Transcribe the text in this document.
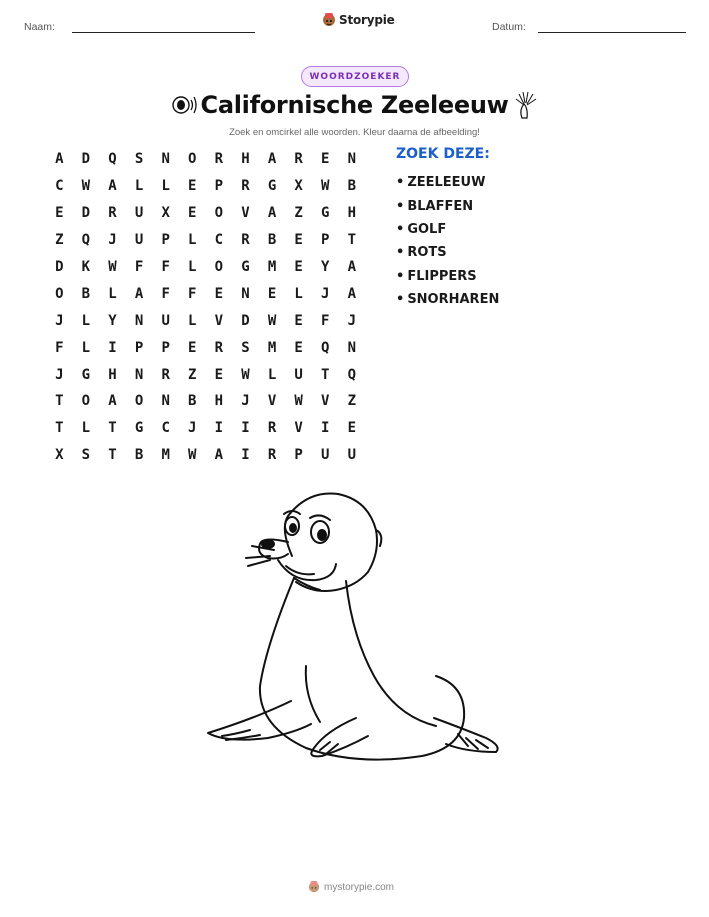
Naam:	Storypie	Datum:
WOORDZOEKER
Californische Zeeleeuw
Zoek en omcirkel alle woorden. Kleur daarna de afbeelding!
A	D	Q	S	N	O	R	H	A	R	E	N
C	W	A	L	L	E	P	R	G	X	W	B
E	D	R	U	X	E	O	V	A	Z	G	H
Z	Q	J	U	P	L	C	R	B	E	P	T
D	K	W	F	F	L	O	G	M	E	Y	A
O	B	L	A	F	F	E	N	E	L	J	A
J	L	Y	N	U	L	V	D	W	E	F	J
F	L	I	P	P	E	R	S	M	E	Q	N
J	G	H	N	R	Z	E	W	L	U	T	Q
T	O	A	O	N	B	H	J	V	W	V	Z
T	L	T	G	C	J	I	I	R	V	I	E
X	S	T	B	M	W	A	I	R	P	U	U
ZOEK DEZE:
• ZEELEEUW
• BLAFFEN
• GOLF
• ROTS
• FLIPPERS
• SNORHAREN
mystorypie.com
